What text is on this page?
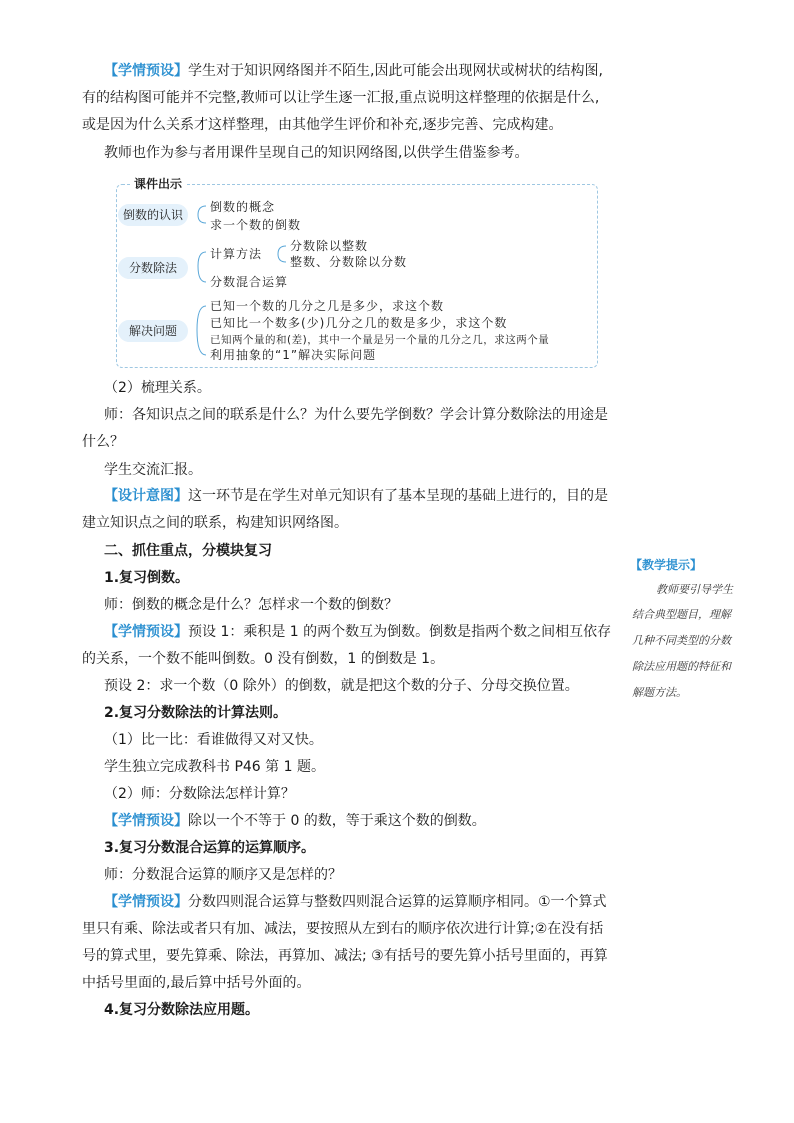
【学情预设】学生对于知识网络图并不陌生,因此可能会出现网状或树状的结构图,
有的结构图可能并不完整,教师可以让学生逐一汇报,重点说明这样整理的依据是什么,
或是因为什么关系才这样整理，由其他学生评价和补充,逐步完善、完成构建。
教师也作为参与者用课件呈现自己的知识网络图,以供学生借鉴参考。
课件出示
倒数的认识
倒数的概念
求一个数的倒数
分数除法
计算方法
分数除以整数
整数、分数除以分数
分数混合运算
解决问题
已知一个数的几分之几是多少，求这个数
已知比一个数多(少)几分之几的数是多少，求这个数
已知两个量的和(差)，其中一个量是另一个量的几分之几，求这两个量
利用抽象的“1”解决实际问题
（2）梳理关系。
师：各知识点之间的联系是什么？为什么要先学倒数？学会计算分数除法的用途是
什么？
学生交流汇报。
【设计意图】这一环节是在学生对单元知识有了基本呈现的基础上进行的，目的是
建立知识点之间的联系，构建知识网络图。
二、抓住重点，分模块复习
1.复习倒数。
师：倒数的概念是什么？怎样求一个数的倒数？
【学情预设】预设 1：乘积是 1 的两个数互为倒数。倒数是指两个数之间相互依存
的关系，一个数不能叫倒数。0 没有倒数，1 的倒数是 1。
预设 2：求一个数（0 除外）的倒数，就是把这个数的分子、分母交换位置。
2.复习分数除法的计算法则。
（1）比一比：看谁做得又对又快。
学生独立完成教科书 P46 第 1 题。
（2）师：分数除法怎样计算？
【学情预设】除以一个不等于 0 的数，等于乘这个数的倒数。
3.复习分数混合运算的运算顺序。
师：分数混合运算的顺序又是怎样的？
【学情预设】分数四则混合运算与整数四则混合运算的运算顺序相同。①一个算式
里只有乘、除法或者只有加、减法，要按照从左到右的顺序依次进行计算;②在没有括
号的算式里，要先算乘、除法，再算加、减法; ③有括号的要先算小括号里面的，再算
中括号里面的,最后算中括号外面的。
4.复习分数除法应用题。
【教学提示】
教师要引导学生
结合典型题目，理解
几种不同类型的分数
除法应用题的特征和
解题方法。
